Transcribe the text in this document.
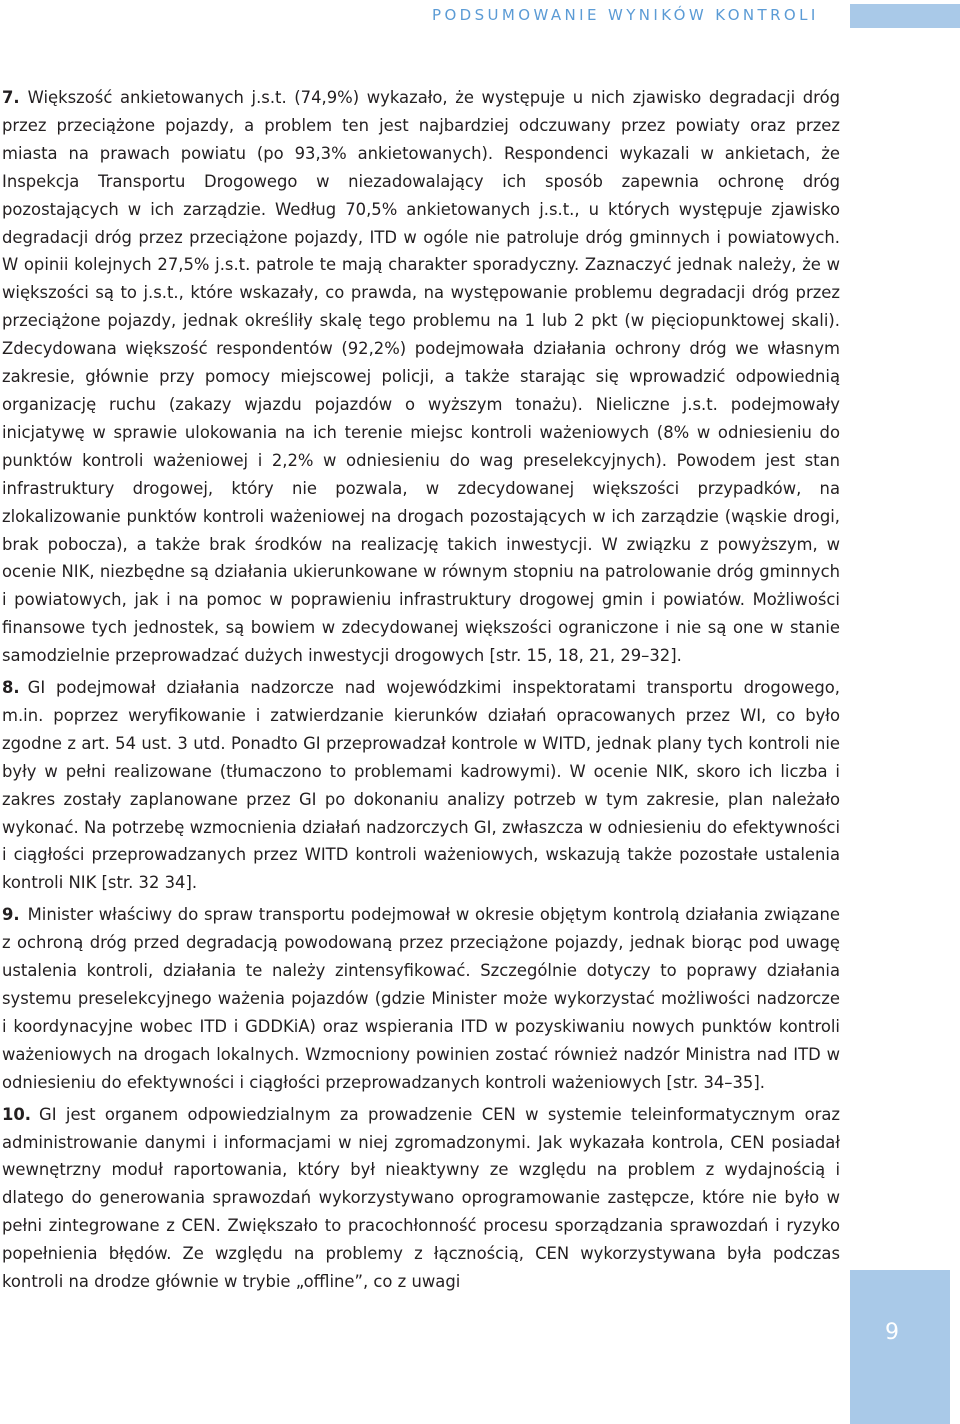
PODSUMOWANIE WYNIKÓW KONTROLI

7. Większość ankietowanych j.s.t. (74,9%) wykazało, że występuje u nich zjawisko degradacji dróg przez przeciążone pojazdy, a problem ten jest najbardziej odczuwany przez powiaty oraz przez miasta na prawach powiatu (po 93,3% ankietowanych). Respondenci wykazali w ankietach, że Inspekcja Transportu Drogowego w niezadowalający ich sposób zapewnia ochronę dróg pozostających w ich zarządzie. Według 70,5% ankietowanych j.s.t., u których występuje zjawisko degradacji dróg przez przeciążone pojazdy, ITD w ogóle nie patroluje dróg gminnych i powiatowych. W opinii kolejnych 27,5% j.s.t. patrole te mają charakter sporadyczny. Zaznaczyć jednak należy, że w większości są to j.s.t., które wskazały, co prawda, na występowanie problemu degradacji dróg przez przeciążone pojazdy, jednak określiły skalę tego problemu na 1 lub 2 pkt (w pięciopunktowej skali). Zdecydowana większość respondentów (92,2%) podejmowała działania ochrony dróg we własnym zakresie, głównie przy pomocy miejscowej policji, a także starając się wprowadzić odpowiednią organizację ruchu (zakazy wjazdu pojazdów o wyższym tonażu). Nieliczne j.s.t. podejmowały inicjatywę w sprawie ulokowania na ich terenie miejsc kontroli ważeniowych (8% w odniesieniu do punktów kontroli ważeniowej i 2,2% w odniesieniu do wag preselekcyjnych). Powodem jest stan infrastruktury drogowej, który nie pozwala, w zdecydowanej większości przypadków, na zlokalizowanie punktów kontroli ważeniowej na drogach pozostających w ich zarządzie (wąskie drogi, brak pobocza), a także brak środków na realizację takich inwestycji. W związku z powyższym, w ocenie NIK, niezbędne są działania ukierunkowane w równym stopniu na patrolowanie dróg gminnych i powiatowych, jak i na pomoc w poprawieniu infrastruktury drogowej gmin i powiatów. Możliwości finansowe tych jednostek, są bowiem w zdecydowanej większości ograniczone i nie są one w stanie samodzielnie przeprowadzać dużych inwestycji drogowych [str. 15, 18, 21, 29–32].

8. GI podejmował działania nadzorcze nad wojewódzkimi inspektoratami transportu drogowego, m.in. poprzez weryfikowanie i zatwierdzanie kierunków działań opracowanych przez WI, co było zgodne z art. 54 ust. 3 utd. Ponadto GI przeprowadzał kontrole w WITD, jednak plany tych kontroli nie były w pełni realizowane (tłumaczono to problemami kadrowymi). W ocenie NIK, skoro ich liczba i zakres zostały zaplanowane przez GI po dokonaniu analizy potrzeb w tym zakresie, plan należało wykonać. Na potrzebę wzmocnienia działań nadzorczych GI, zwłaszcza w odniesieniu do efektywności i ciągłości przeprowadzanych przez WITD kontroli ważeniowych, wskazują także pozostałe ustalenia kontroli NIK [str. 32 34].

9. Minister właściwy do spraw transportu podejmował w okresie objętym kontrolą działania związane z ochroną dróg przed degradacją powodowaną przez przeciążone pojazdy, jednak biorąc pod uwagę ustalenia kontroli, działania te należy zintensyfikować. Szczególnie dotyczy to poprawy działania systemu preselekcyjnego ważenia pojazdów (gdzie Minister może wykorzystać możliwości nadzorcze i koordynacyjne wobec ITD i GDDKiA) oraz wspierania ITD w pozyskiwaniu nowych punktów kontroli ważeniowych na drogach lokalnych. Wzmocniony powinien zostać również nadzór Ministra nad ITD w odniesieniu do efektywności i ciągłości przeprowadzanych kontroli ważeniowych [str. 34–35].

10. GI jest organem odpowiedzialnym za prowadzenie CEN w systemie teleinformatycznym oraz administrowanie danymi i informacjami w niej zgromadzonymi. Jak wykazała kontrola, CEN posiadał wewnętrzny moduł raportowania, który był nieaktywny ze względu na problem z wydajnością i dlatego do generowania sprawozdań wykorzystywano oprogramowanie zastępcze, które nie było w pełni zintegrowane z CEN. Zwiększało to pracochłonność procesu sporządzania sprawozdań i ryzyko popełnienia błędów. Ze względu na problemy z łącznością, CEN wykorzystywana była podczas kontroli na drodze głównie w trybie „offline”, co z uwagi

9
